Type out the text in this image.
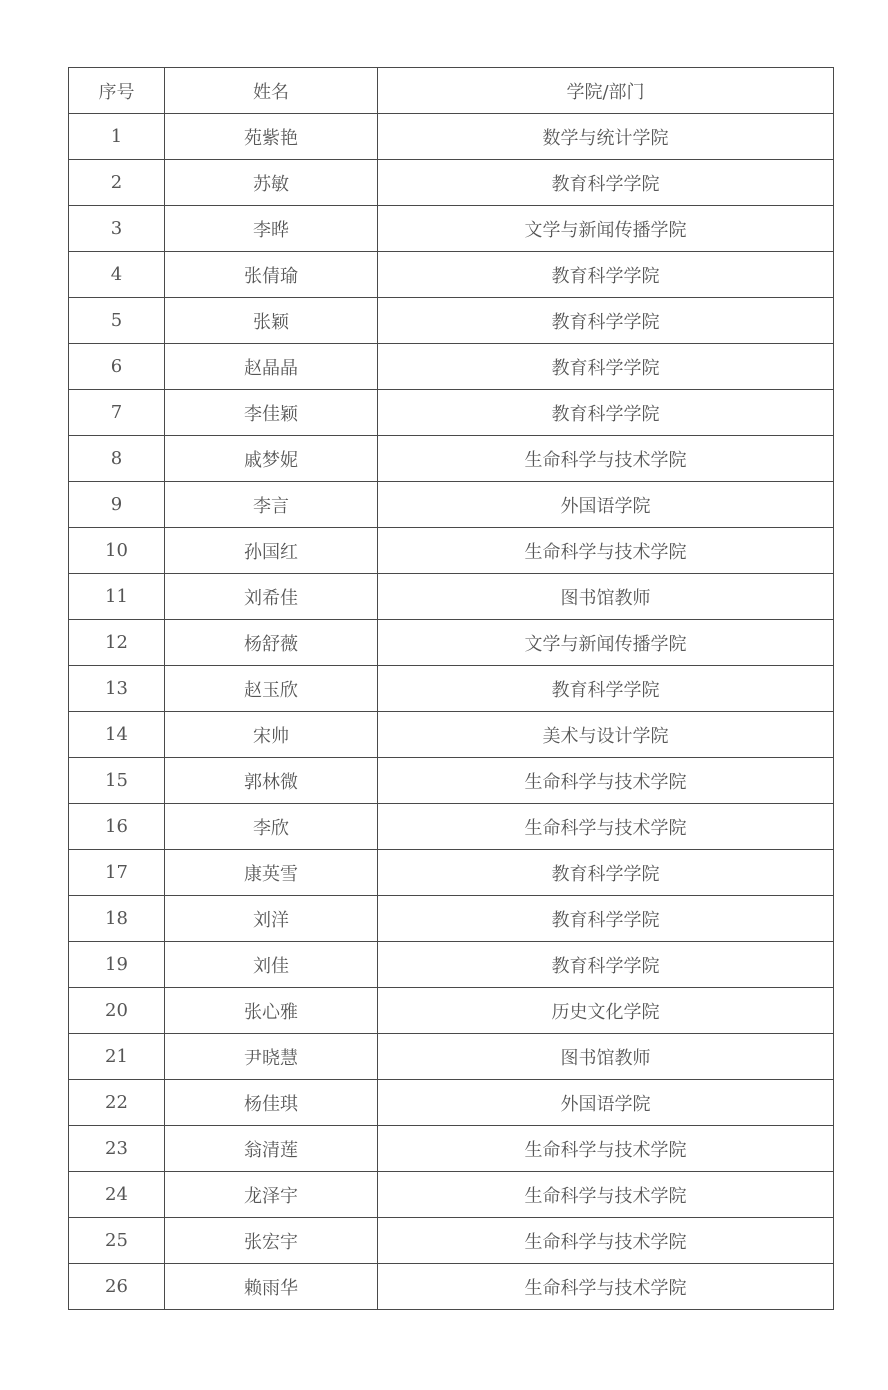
序号	姓名	学院/部门
1	苑紫艳	数学与统计学院
2	苏敏	教育科学学院
3	李晔	文学与新闻传播学院
4	张倩瑜	教育科学学院
5	张颖	教育科学学院
6	赵晶晶	教育科学学院
7	李佳颖	教育科学学院
8	戚梦妮	生命科学与技术学院
9	李言	外国语学院
10	孙国红	生命科学与技术学院
11	刘希佳	图书馆教师
12	杨舒薇	文学与新闻传播学院
13	赵玉欣	教育科学学院
14	宋帅	美术与设计学院
15	郭林微	生命科学与技术学院
16	李欣	生命科学与技术学院
17	康英雪	教育科学学院
18	刘洋	教育科学学院
19	刘佳	教育科学学院
20	张心雅	历史文化学院
21	尹晓慧	图书馆教师
22	杨佳琪	外国语学院
23	翁清莲	生命科学与技术学院
24	龙泽宇	生命科学与技术学院
25	张宏宇	生命科学与技术学院
26	赖雨华	生命科学与技术学院
